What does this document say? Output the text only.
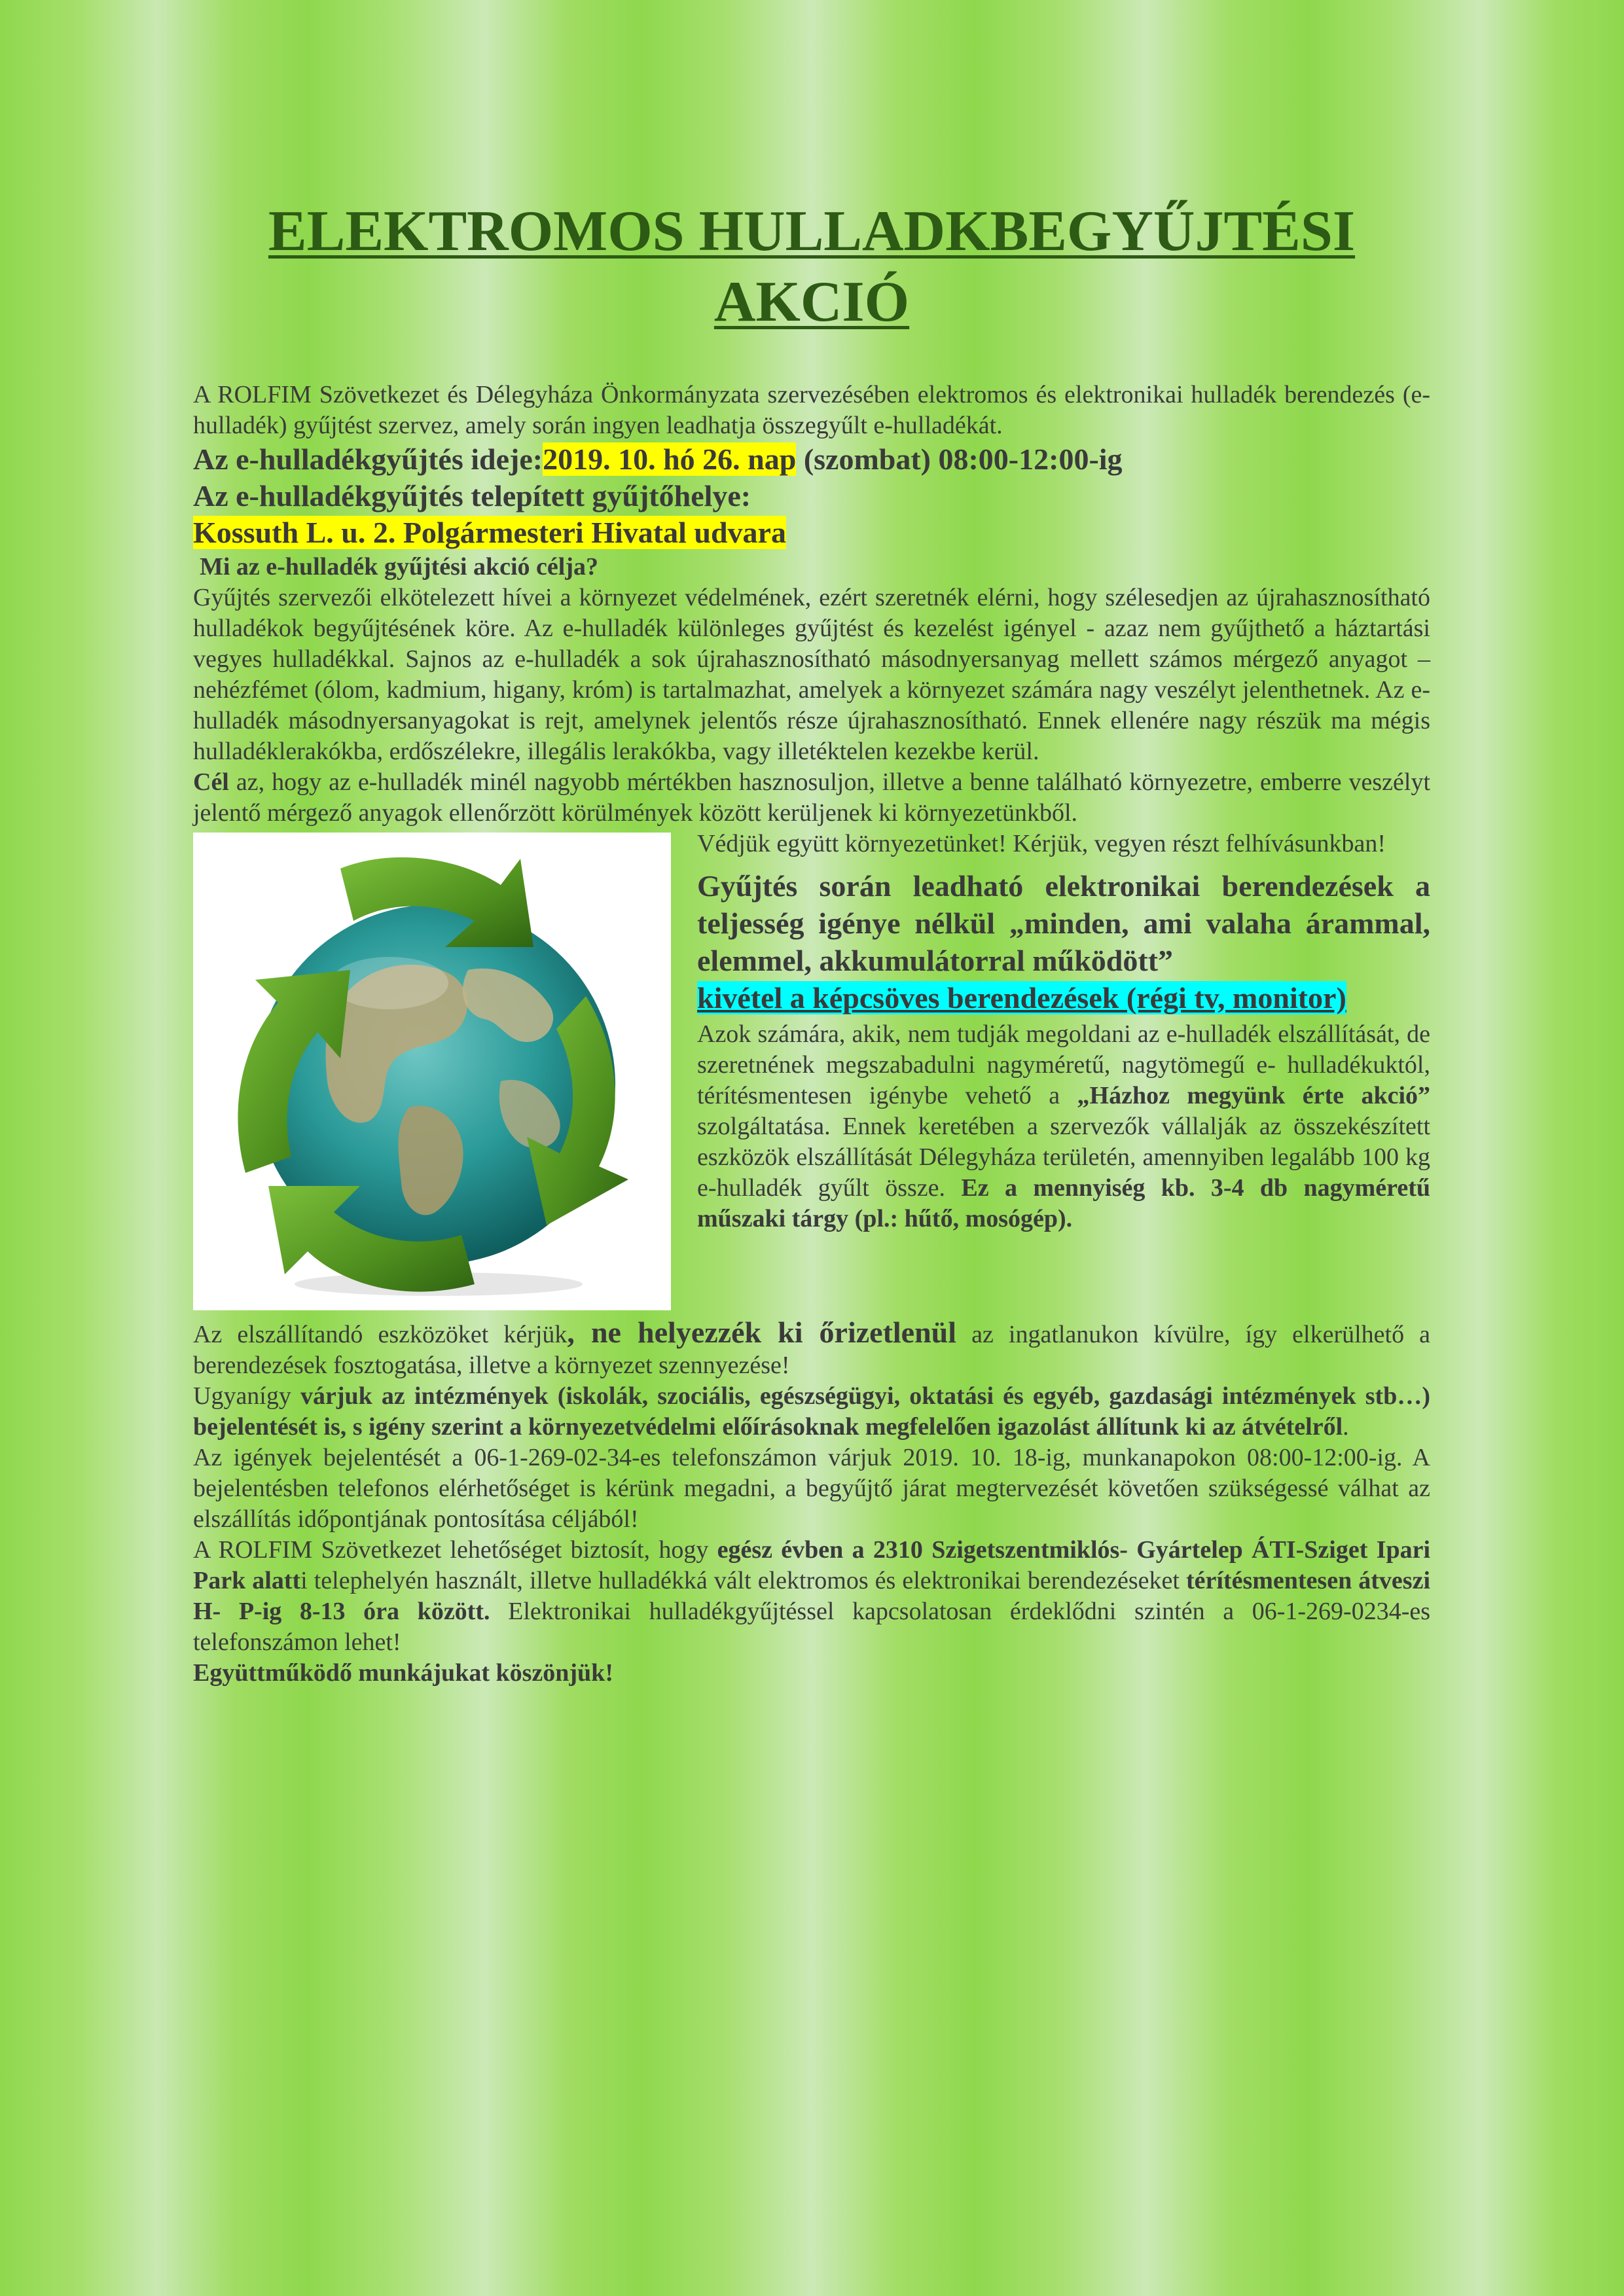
ELEKTROMOS HULLADKBEGYŰJTÉSI
AKCIÓ

A ROLFIM Szövetkezet és Délegyháza Önkormányzata szervezésében elektromos és elektronikai hulladék berendezés (e-hulladék) gyűjtést szervez, amely során ingyen leadhatja összegyűlt e-hulladékát.

Az e-hulladékgyűjtés ideje:2019. 10. hó 26. nap (szombat) 08:00-12:00-ig

Az e-hulladékgyűjtés telepített gyűjtőhelye:

Kossuth L. u. 2. Polgármesteri Hivatal udvara

Mi az e-hulladék gyűjtési akció célja?

Gyűjtés szervezői elkötelezett hívei a környezet védelmének, ezért szeretnék elérni, hogy szélesedjen az újrahasznosítható hulladékok begyűjtésének köre. Az e-hulladék különleges gyűjtést és kezelést igényel - azaz nem gyűjthető a háztartási vegyes hulladékkal. Sajnos az e-hulladék a sok újrahasznosítható másodnyersanyag mellett számos mérgező anyagot – nehézfémet (ólom, kadmium, higany, króm) is tartalmazhat, amelyek a környezet számára nagy veszélyt jelenthetnek. Az e-hulladék másodnyersanyagokat is rejt, amelynek jelentős része újrahasznosítható. Ennek ellenére nagy részük ma mégis hulladéklerakókba, erdőszélekre, illegális lerakókba, vagy illetéktelen kezekbe kerül.

Cél az, hogy az e-hulladék minél nagyobb mértékben hasznosuljon, illetve a benne található környezetre, emberre veszélyt jelentő mérgező anyagok ellenőrzött körülmények között kerüljenek ki környezetünkből.

Védjük együtt környezetünket! Kérjük, vegyen részt felhívásunkban!

Gyűjtés során leadható elektronikai berendezések a teljesség igénye nélkül „minden, ami valaha árammal, elemmel, akkumulátorral működött”

kivétel a képcsöves berendezések (régi tv, monitor)

Azok számára, akik, nem tudják megoldani az e-hulladék elszállítását, de szeretnének megszabadulni nagyméretű, nagytömegű e- hulladékuktól, térítésmentesen igénybe vehető a „Házhoz megyünk érte akció” szolgáltatása. Ennek keretében a szervezők vállalják az összekészített eszközök elszállítását Délegyháza területén, amennyiben legalább 100 kg e-hulladék gyűlt össze. Ez a mennyiség kb. 3-4 db nagyméretű műszaki tárgy (pl.: hűtő, mosógép).

Az elszállítandó eszközöket kérjük, ne helyezzék ki őrizetlenül az ingatlanukon kívülre, így elkerülhető a berendezések fosztogatása, illetve a környezet szennyezése!

Ugyanígy várjuk az intézmények (iskolák, szociális, egészségügyi, oktatási és egyéb, gazdasági intézmények stb…) bejelentését is, s igény szerint a környezetvédelmi előírásoknak megfelelően igazolást állítunk ki az átvételről.

Az igények bejelentését a 06-1-269-02-34-es telefonszámon várjuk 2019. 10. 18-ig, munkanapokon 08:00-12:00-ig. A bejelentésben telefonos elérhetőséget is kérünk megadni, a begyűjtő járat megtervezését követően szükségessé válhat az elszállítás időpontjának pontosítása céljából!

A ROLFIM Szövetkezet lehetőséget biztosít, hogy egész évben a 2310 Szigetszentmiklós- Gyártelep ÁTI-Sziget Ipari Park alatti telephelyén használt, illetve hulladékká vált elektromos és elektronikai berendezéseket térítésmentesen átveszi H- P-ig 8-13 óra között. Elektronikai hulladékgyűjtéssel kapcsolatosan érdeklődni szintén a 06-1-269-0234-es telefonszámon lehet!

Együttműködő munkájukat köszönjük!
